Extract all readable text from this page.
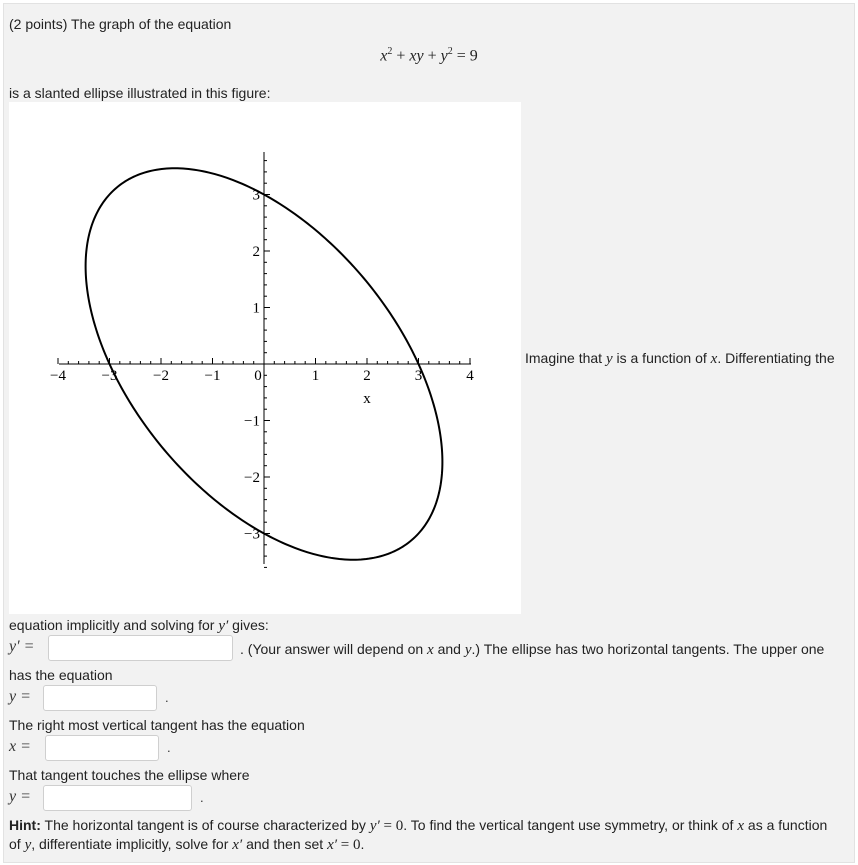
(2 points) The graph of the equation
$x^2$ + xy + $y^2 = 9$
is a slanted ellipse illustrated in this figure:
−4 −3 −2 −1 0	1	2	3	4
3
2
1
−1
−2
−3
x
Imagine that y is a function of x. Differentiating the
equation implicitly and solving for y′ gives:
y′ =	. (Your answer will depend on x and y.) The ellipse has two horizontal tangents. The upper one
has the equation
y =	.
The right most vertical tangent has the equation
x =	.
That tangent touches the ellipse where
y =	.
Hint: The horizontal tangent is of course characterized by y′ = 0. To find the vertical tangent use symmetry, or think of x as a function
of y, differentiate implicitly, solve for x′ and then set x′ = 0.
